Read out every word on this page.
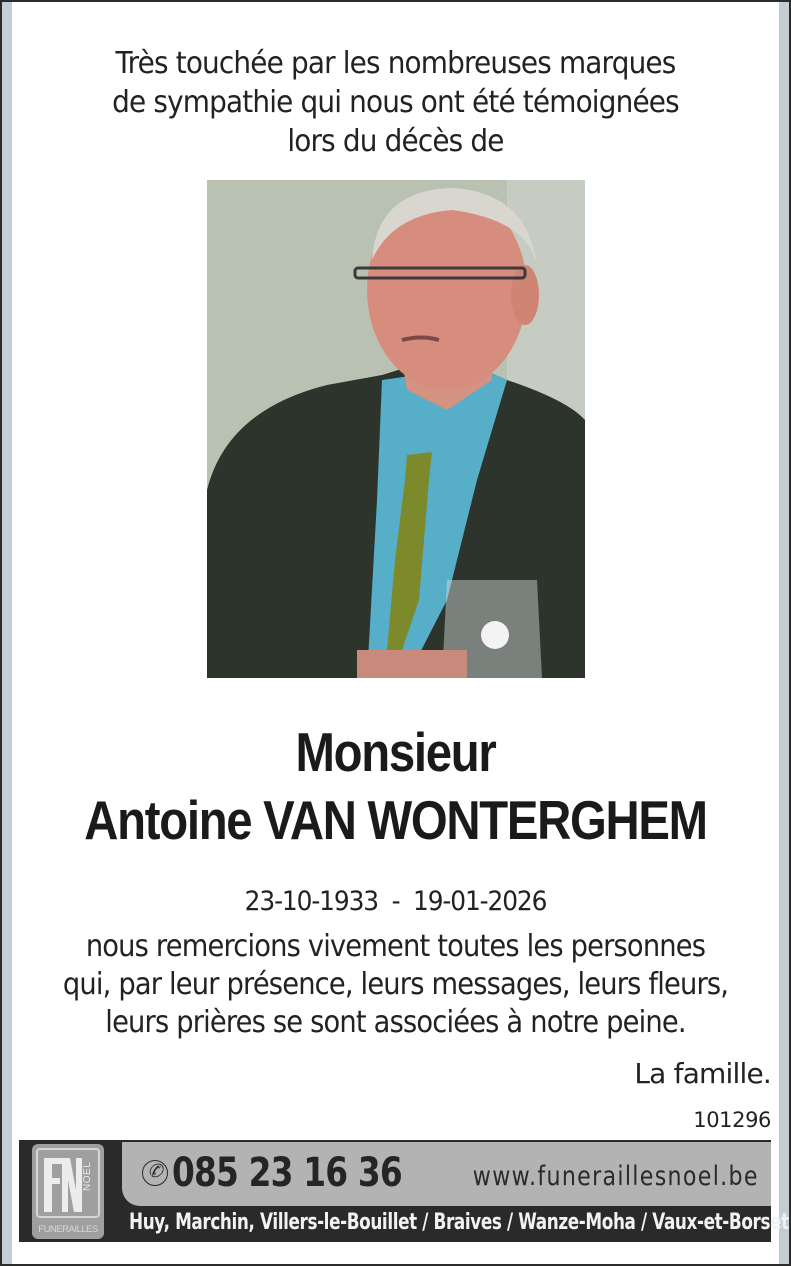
Très touchée par les nombreuses marques
de sympathie qui nous ont été témoignées
lors du décès de
Monsieur
Antoine VAN WONTERGHEM
23-10-1933  -  19-01-2026
nous remercions vivement toutes les personnes
qui, par leur présence, leurs messages, leurs fleurs,
leurs prières se sont associées à notre peine.
La famille.
101296
NOEL
FUNERAILLES
✆ 085 23 16 36	www.funeraillesnoel.be
Huy, Marchin, Villers-le-Bouillet / Braives / Wanze-Moha / Vaux-et-Borset
